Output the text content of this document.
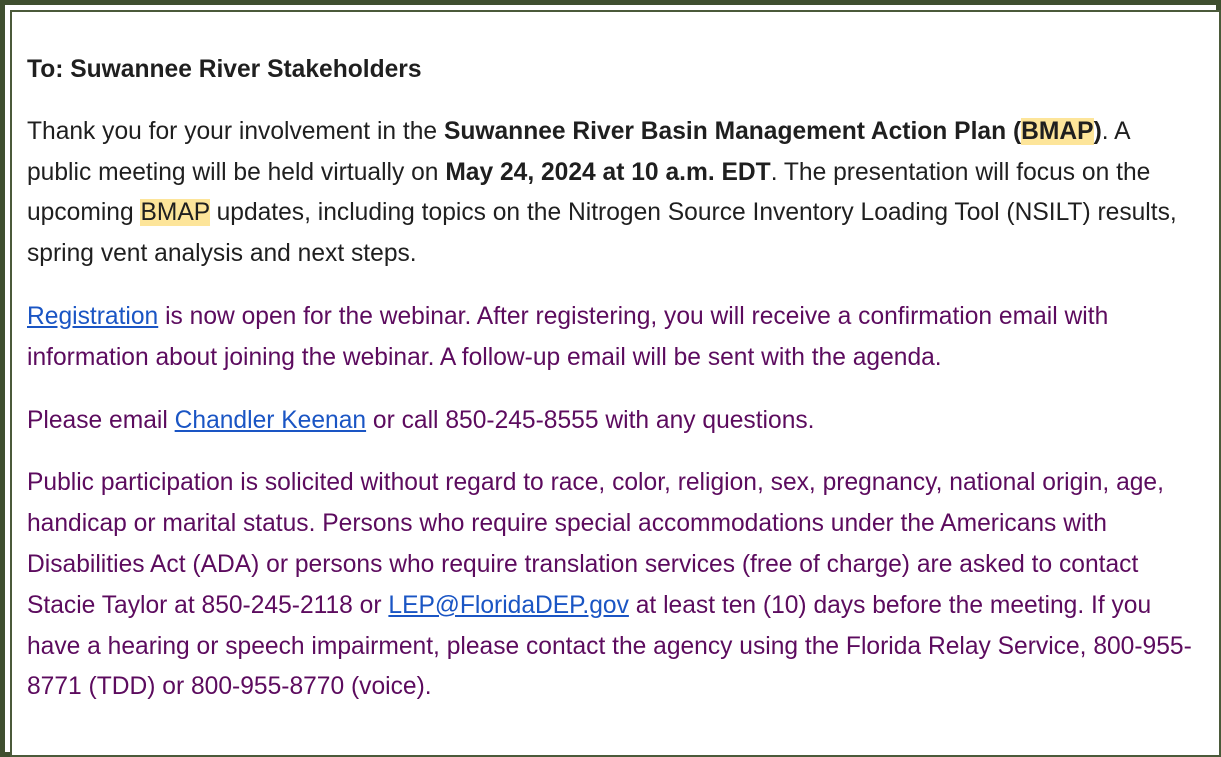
To: Suwannee River Stakeholders

Thank you for your involvement in the Suwannee River Basin Management Action Plan (BMAP). A public meeting will be held virtually on May 24, 2024 at 10 a.m. EDT. The presentation will focus on the upcoming BMAP updates, including topics on the Nitrogen Source Inventory Loading Tool (NSILT) results, spring vent analysis and next steps.

Registration is now open for the webinar. After registering, you will receive a confirmation email with information about joining the webinar. A follow-up email will be sent with the agenda.

Please email Chandler Keenan or call 850-245-8555 with any questions.

Public participation is solicited without regard to race, color, religion, sex, pregnancy, national origin, age, handicap or marital status. Persons who require special accommodations under the Americans with Disabilities Act (ADA) or persons who require translation services (free of charge) are asked to contact Stacie Taylor at 850-245-2118 or LEP@FloridaDEP.gov at least ten (10) days before the meeting. If you have a hearing or speech impairment, please contact the agency using the Florida Relay Service, 800-955-8771 (TDD) or 800-955-8770 (voice).
